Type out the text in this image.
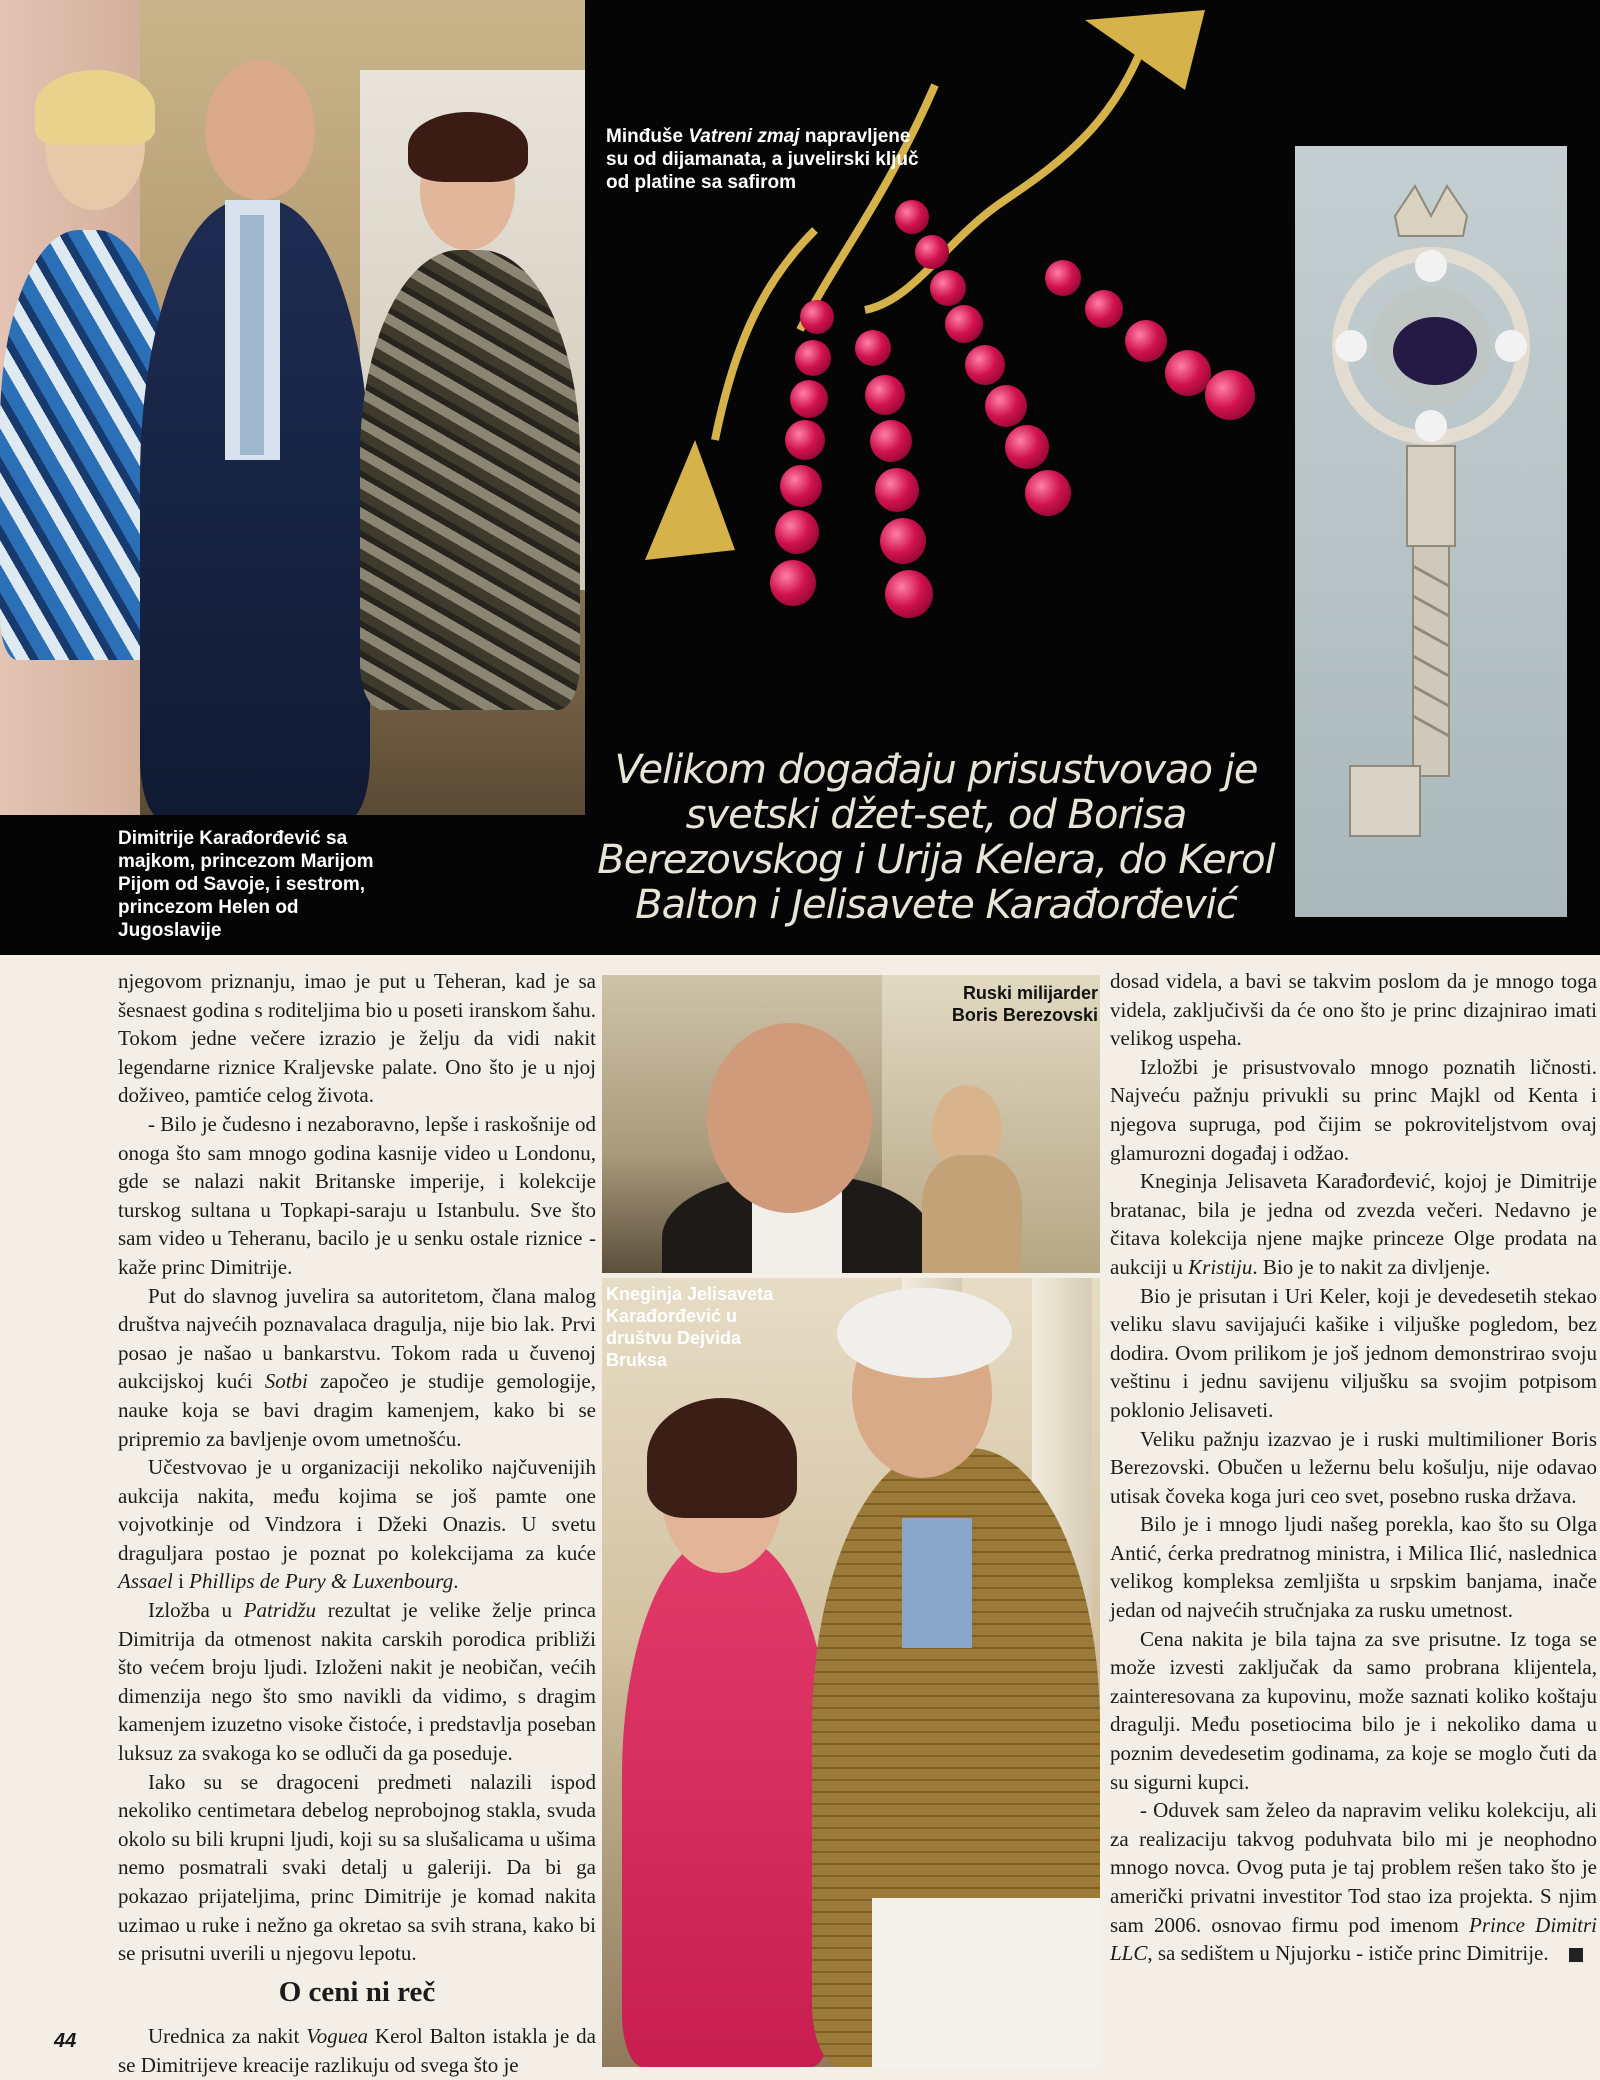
Dimitrije Karađorđević sa majkom, princezom Marijom Pijom od Savoje, i sestrom, princezom Helen od Jugoslavije
Minđuše Vatreni zmaj napravljene su od dijamanata, a juvelirski ključ od platine sa safirom
Velikom događaju prisustvovao je svetski džet-set, od Borisa Berezovskog i Urija Kelera, do Kerol Balton i Jelisavete Karađorđević

njegovom priznanju, imao je put u Teheran, kad je sa šesnaest godina s roditeljima bio u poseti iranskom šahu. Tokom jedne večere izrazio je želju da vidi nakit legendarne riznice Kraljevske palate. Ono što je u njoj doživeo, pamtiće celog života.

- Bilo je čudesno i nezaboravno, lepše i raskošnije od onoga što sam mnogo godina kasnije video u Londonu, gde se nalazi nakit Britanske imperije, i kolekcije turskog sultana u Topkapi-saraju u Istanbulu. Sve što sam video u Teheranu, bacilo je u senku ostale riznice - kaže princ Dimitrije.

Put do slavnog juvelira sa autoritetom, člana malog društva najvećih poznavalaca dragulja, nije bio lak. Prvi posao je našao u bankarstvu. Tokom rada u čuvenoj aukcijskoj kući Sotbi započeo je studije gemologije, nauke koja se bavi dragim kamenjem, kako bi se pripremio za bavljenje ovom umetnošću.

Učestvovao je u organizaciji nekoliko najčuvenijih aukcija nakita, među kojima se još pamte one vojvotkinje od Vindzora i Džeki Onazis. U svetu draguljara postao je poznat po kolekcijama za kuće Assael i Phillips de Pury & Luxenbourg.

Izložba u Patridžu rezultat je velike želje princa Dimitrija da otmenost nakita carskih porodica približi što većem broju ljudi. Izloženi nakit je neobičan, većih dimenzija nego što smo navikli da vidimo, s dragim kamenjem izuzetno visoke čistoće, i predstavlja poseban luksuz za svakoga ko se odluči da ga poseduje.

Iako su se dragoceni predmeti nalazili ispod nekoliko centimetara debelog neprobojnog stakla, svuda okolo su bili krupni ljudi, koji su sa slušalicama u ušima nemo posmatrali svaki detalj u galeriji. Da bi ga pokazao prijateljima, princ Dimitrije je komad nakita uzimao u ruke i nežno ga okretao sa svih strana, kako bi se prisutni uverili u njegovu lepotu.

O ceni ni reč

Urednica za nakit Voguea Kerol Balton istakla je da se Dimitrijeve kreacije razlikuju od svega što je

Ruski milijarder Boris Berezovski
Kneginja Jelisaveta Karađorđević u društvu Dejvida Bruksa

dosad videla, a bavi se takvim poslom da je mnogo toga videla, zaključivši da će ono što je princ dizajnirao imati velikog uspeha.

Izložbi je prisustvovalo mnogo poznatih ličnosti. Najveću pažnju privukli su princ Majkl od Kenta i njegova supruga, pod čijim se pokroviteljstvom ovaj glamurozni događaj i odžao.

Kneginja Jelisaveta Karađorđević, kojoj je Dimitrije bratanac, bila je jedna od zvezda večeri. Nedavno je čitava kolekcija njene majke princeze Olge prodata na aukciji u Kristiju. Bio je to nakit za divljenje.

Bio je prisutan i Uri Keler, koji je devedesetih stekao veliku slavu savijajući kašike i viljuške pogledom, bez dodira. Ovom prilikom je još jednom demonstrirao svoju veštinu i jednu savijenu viljušku sa svojim potpisom poklonio Jelisaveti.

Veliku pažnju izazvao je i ruski multimilioner Boris Berezovski. Obučen u ležernu belu košulju, nije odavao utisak čoveka koga juri ceo svet, posebno ruska država.

Bilo je i mnogo ljudi našeg porekla, kao što su Olga Antić, ćerka predratnog ministra, i Milica Ilić, naslednica velikog kompleksa zemljišta u srpskim banjama, inače jedan od najvećih stručnjaka za rusku umetnost.

Cena nakita je bila tajna za sve prisutne. Iz toga se može izvesti zaključak da samo probrana klijentela, zainteresovana za kupovinu, može saznati koliko koštaju dragulji. Među posetiocima bilo je i nekoliko dama u poznim devedesetim godinama, za koje se moglo čuti da su sigurni kupci.

- Oduvek sam želeo da napravim veliku kolekciju, ali za realizaciju takvog poduhvata bilo mi je neophodno mnogo novca. Ovog puta je taj problem rešen tako što je američki privatni investitor Tod stao iza projekta. S njim sam 2006. osnovao firmu pod imenom Prince Dimitri LLC, sa sedištem u Njujorku - ističe princ Dimitrije.

44
